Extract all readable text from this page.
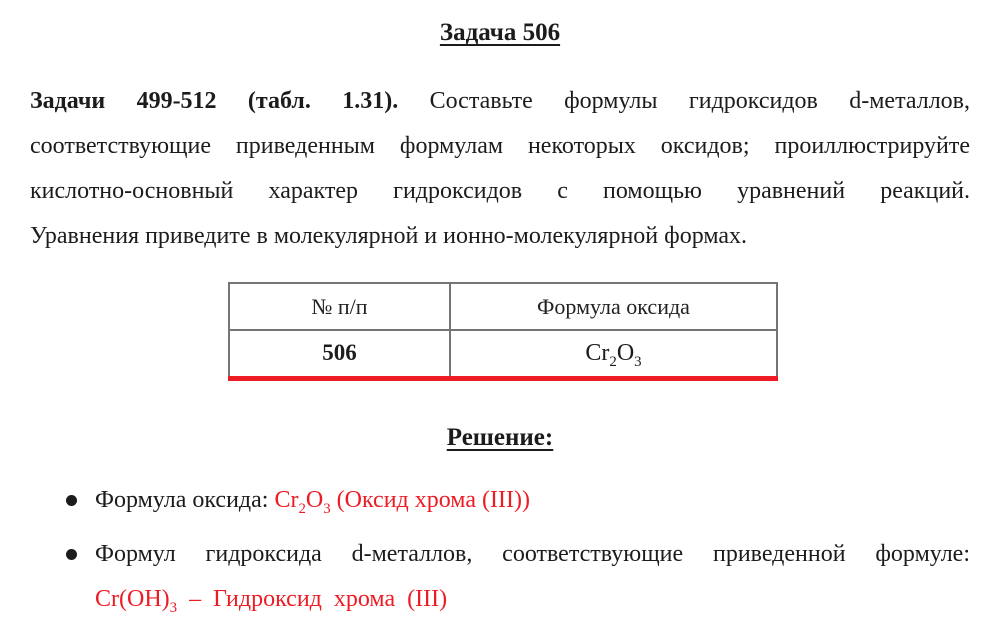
Задача 506
Задачи 499-512 (табл. 1.31). Составьте формулы гидроксидов d-металлов,
соответствующие приведенным формулам некоторых оксидов; проиллюстрируйте
кислотно-основный характер гидроксидов с помощью уравнений реакций.
Уравнения приведите в молекулярной и ионно-молекулярной формах.
№ п/п	Формула оксида
506	$Cr_2O_3$
Решение:
Формула оксида: $Cr_2O_3$ (Оксид хрома (III))
Формул гидроксида d-металлов, соответствующие приведенной формуле:
$Cr(OH)_3$ – Гидроксид хрома (III)
